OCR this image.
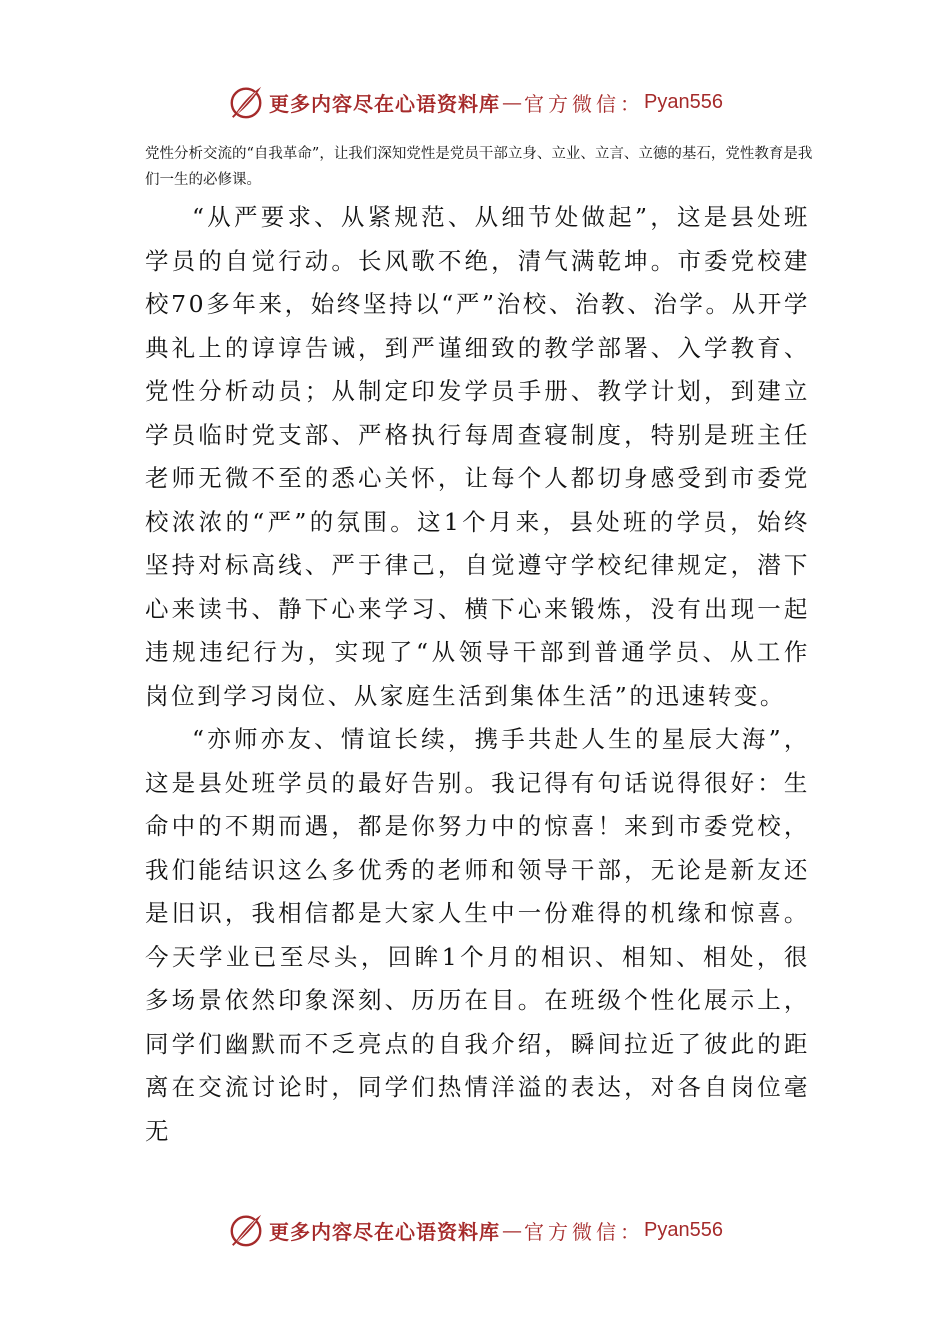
更多内容尽在心语资料库 — 官方微信： Pyan556

党性分析交流的“自我革命”，让我们深知党性是党员干部立身、立业、立言、立德的基石，党性教育是我们一生的必修课。

“从严要求、从紧规范、从细节处做起”，这是县处班学员的自觉行动。长风歌不绝，清气满乾坤。市委党校建校70多年来，始终坚持以“严”治校、治教、治学。从开学典礼上的谆谆告诫，到严谨细致的教学部署、入学教育、党性分析动员；从制定印发学员手册、教学计划，到建立学员临时党支部、严格执行每周查寝制度，特别是班主任老师无微不至的悉心关怀，让每个人都切身感受到市委党校浓浓的“严”的氛围。这1个月来，县处班的学员，始终坚持对标高线、严于律己，自觉遵守学校纪律规定，潜下心来读书、静下心来学习、横下心来锻炼，没有出现一起违规违纪行为，实现了“从领导干部到普通学员、从工作岗位到学习岗位、从家庭生活到集体生活”的迅速转变。

“亦师亦友、情谊长续，携手共赴人生的星辰大海”，这是县处班学员的最好告别。我记得有句话说得很好：生命中的不期而遇，都是你努力中的惊喜！来到市委党校，我们能结识这么多优秀的老师和领导干部，无论是新友还是旧识，我相信都是大家人生中一份难得的机缘和惊喜。今天学业已至尽头，回眸1个月的相识、相知、相处，很多场景依然印象深刻、历历在目。在班级个性化展示上，同学们幽默而不乏亮点的自我介绍，瞬间拉近了彼此的距离在交流讨论时，同学们热情洋溢的表达，对各自岗位毫无

更多内容尽在心语资料库 — 官方微信： Pyan556
